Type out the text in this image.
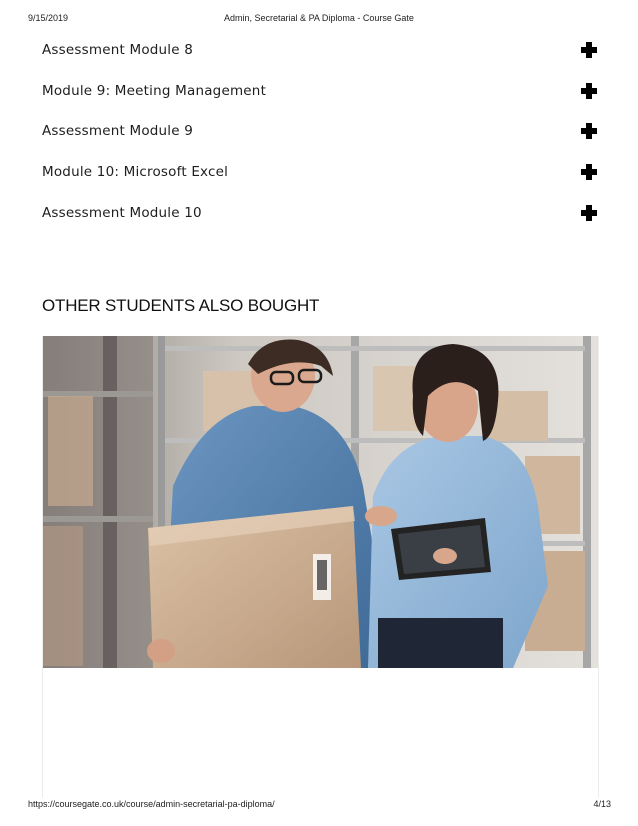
9/15/2019	Admin, Secretarial & PA Diploma - Course Gate
Assessment Module 8
Module 9: Meeting Management
Assessment Module 9
Module 10: Microsoft Excel
Assessment Module 10
OTHER STUDENTS ALSO BOUGHT
https://coursegate.co.uk/course/admin-secretarial-pa-diploma/	4/13
